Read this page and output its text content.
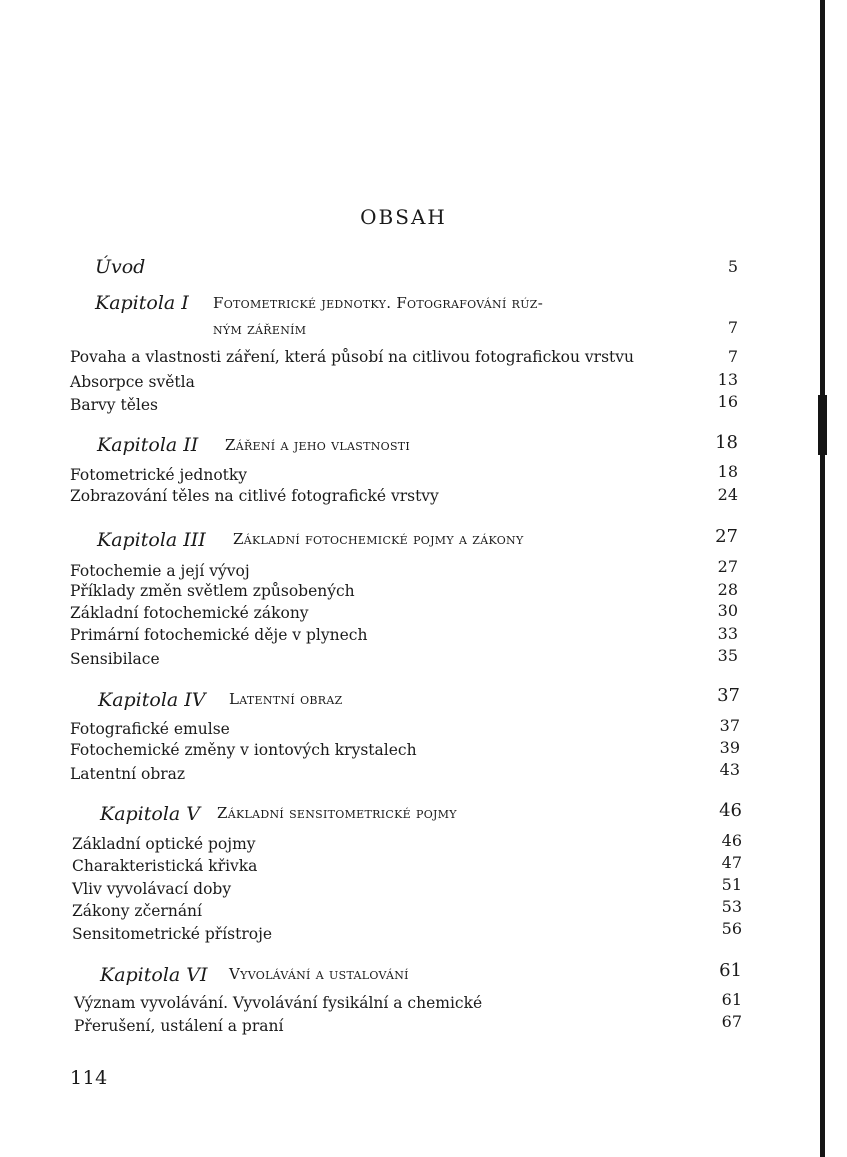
OBSAH
Úvod	5
Kapitola I Fotometrické jednotky. Fotografování rúz-
ným zářením	7
Povaha a vlastnosti záření, která působí na citlivou fotografickou vrstvu	7
Absorpce světla	13
Barvy těles	16
Kapitola II Záření a jeho vlastnosti	18
Fotometrické jednotky	18
Zobrazování těles na citlivé fotografické vrstvy	24
Kapitola III Základní fotochemické pojmy a zákony	27
Fotochemie a její vývoj	27
Příklady změn světlem způsobených	28
Základní fotochemické zákony	30
Primární fotochemické děje v plynech	33
Sensibilace	35
Kapitola IV Latentní obraz	37
Fotografické emulse	37
Fotochemické změny v iontových krystalech	39
Latentní obraz	43
Kapitola V Základní sensitometrické pojmy	46
Základní optické pojmy	46
Charakteristická křivka	47
Vliv vyvolávací doby	51
Zákony zčernání	53
Sensitometrické přístroje	56
Kapitola VI Vyvolávání a ustalování	61
Význam vyvolávání. Vyvolávání fysikální a chemické	61
Přerušení, ustálení a praní	67
114
